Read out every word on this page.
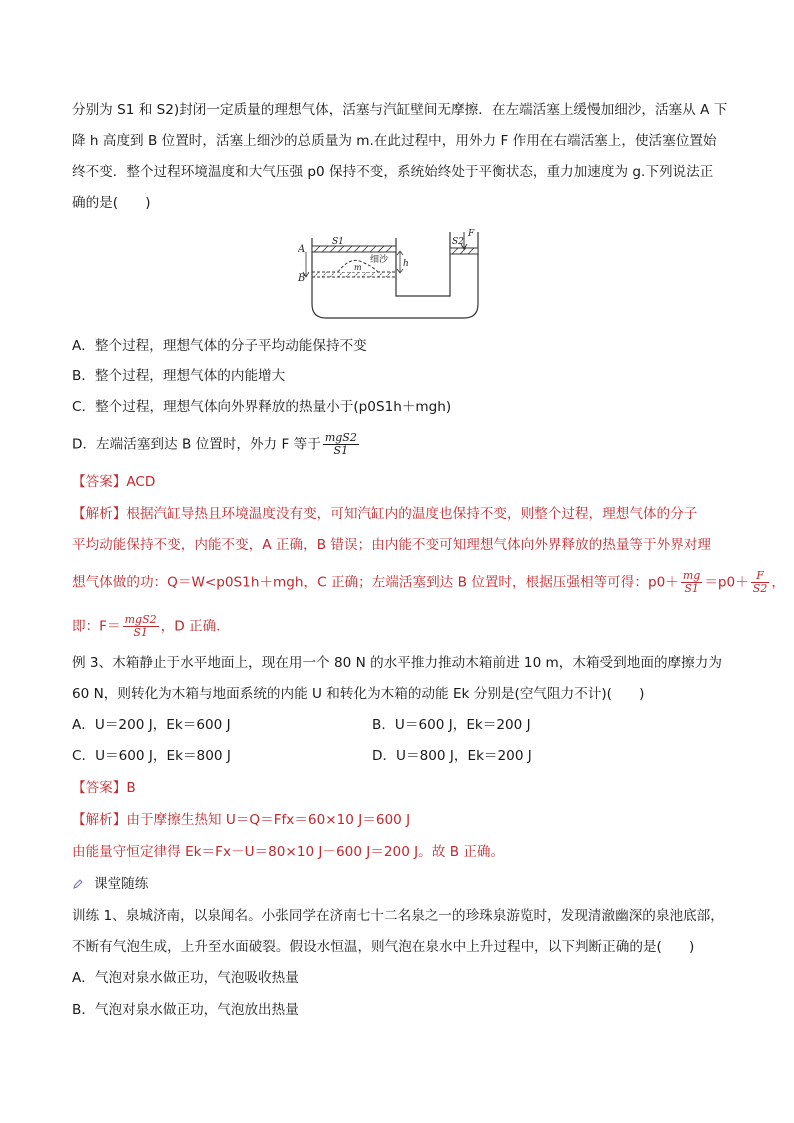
分别为 S1 和 S2)封闭一定质量的理想气体，活塞与汽缸壁间无摩擦．在左端活塞上缓慢加细沙，活塞从 A 下
降 h 高度到 B 位置时，活塞上细沙的总质量为 m.在此过程中，用外力 F 作用在右端活塞上，使活塞位置始
终不变．整个过程环境温度和大气压强 p0 保持不变，系统始终处于平衡状态，重力加速度为 g.下列说法正
确的是(　　)
A
B
S1	S2
F
h
细沙
m
A．整个过程，理想气体的分子平均动能保持不变
B．整个过程，理想气体的内能增大
C．整个过程，理想气体向外界释放的热量小于(p0S1h＋mgh)
D．左端活塞到达 B 位置时，外力 F 等于 $\frac{\text{mgS2}}{S1}$
【答案】ACD
【解析】根据汽缸导热且环境温度没有变，可知汽缸内的温度也保持不变，则整个过程，理想气体的分子
平均动能保持不变，内能不变，A 正确，B 错误；由内能不变可知理想气体向外界释放的热量等于外界对理
想气体做的功：Q＝W<p0S1h＋mgh，C 正确；左端活塞到达 B 位置时，根据压强相等可得：$p0+ \frac{mg}{S1} =p0+ \frac{F}{S2}$ ，
即：$F= \frac{\text{mgS2}}{S1}$ ，D 正确．
例 3、木箱静止于水平地面上，现在用一个 80 N 的水平推力推动木箱前进 10 m，木箱受到地面的摩擦力为
60 N，则转化为木箱与地面系统的内能 U 和转化为木箱的动能 Ek 分别是(空气阻力不计)(　　)
A．U＝200 J，Ek＝600 J	B．U＝600 J，Ek＝200 J
C．U＝600 J，Ek＝800 J	D．U＝800 J，Ek＝200 J
【答案】B
【解析】由于摩擦生热知 U＝Q＝Ffx＝60×10 J＝600 J
由能量守恒定律得 Ek＝Fx－U＝80×10 J－600 J＝200 J。故 B 正确。
课堂随练
训练 1、泉城济南，以泉闻名。小张同学在济南七十二名泉之一的珍珠泉游览时，发现清澈幽深的泉池底部，
不断有气泡生成，上升至水面破裂。假设水恒温，则气泡在泉水中上升过程中，以下判断正确的是(　　)
A．气泡对泉水做正功，气泡吸收热量
B．气泡对泉水做正功，气泡放出热量
